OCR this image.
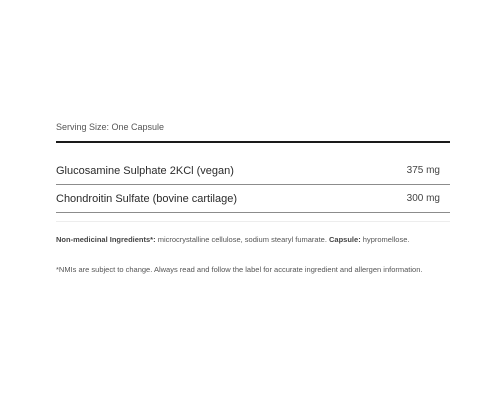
Serving Size: One Capsule
Glucosamine Sulphate 2KCl (vegan)	375 mg
Chondroitin Sulfate (bovine cartilage)	300 mg
Non-medicinal Ingredients*: microcrystalline cellulose, sodium stearyl fumarate. Capsule: hypromellose.
*NMIs are subject to change. Always read and follow the label for accurate ingredient and allergen information.
